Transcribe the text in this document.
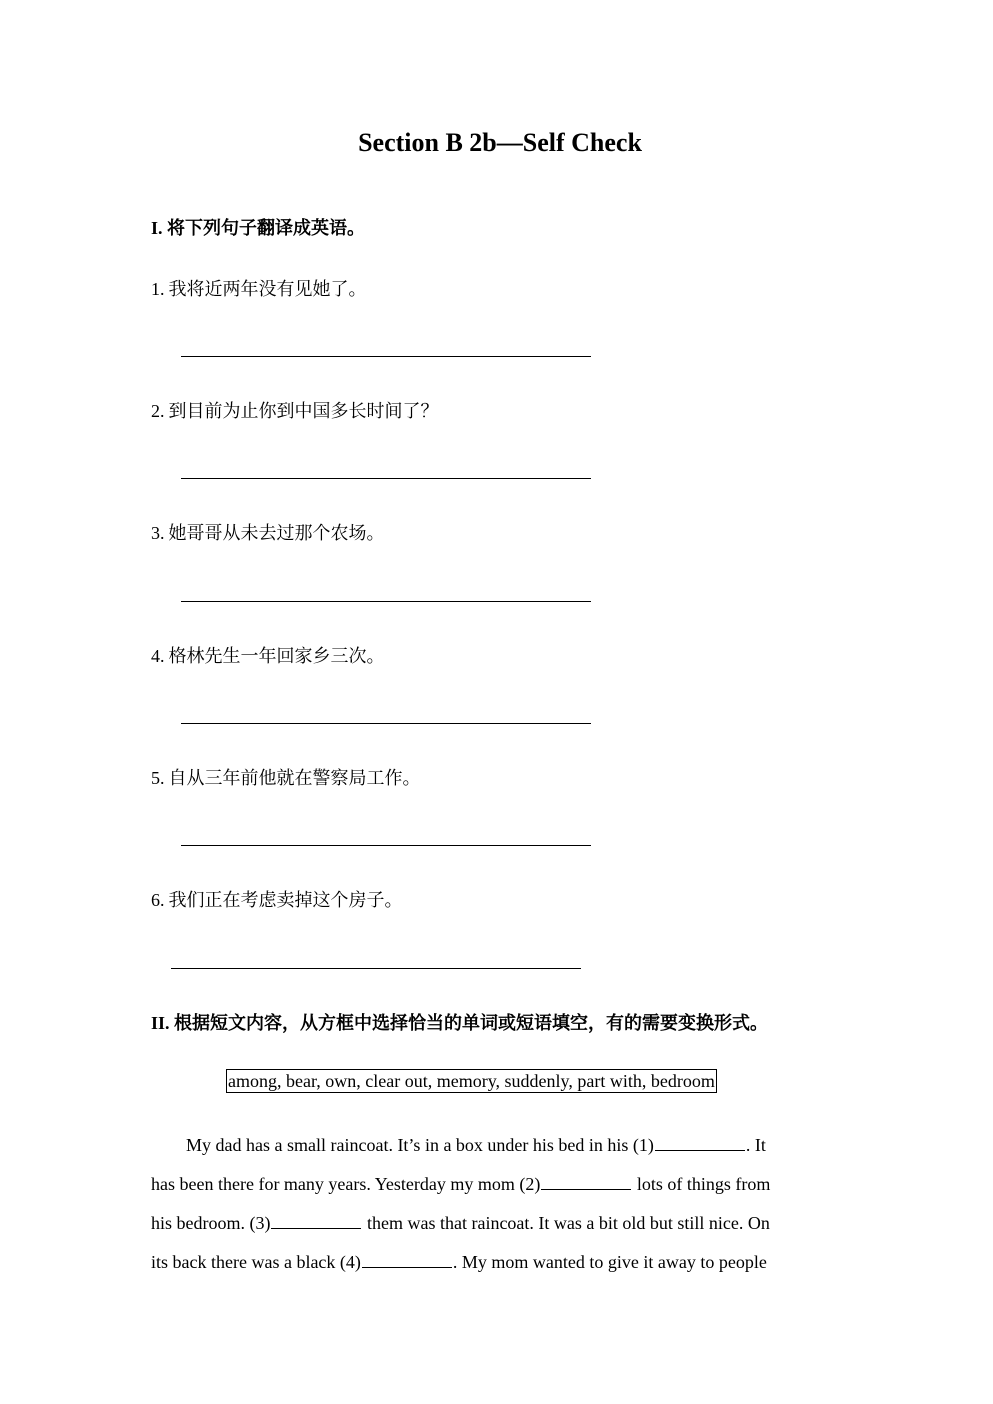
Section B 2b—Self Check
I. 将下列句子翻译成英语。
1. 我将近两年没有见她了。
2. 到目前为止你到中国多长时间了？
3. 她哥哥从未去过那个农场。
4. 格林先生一年回家乡三次。
5. 自从三年前他就在警察局工作。
6. 我们正在考虑卖掉这个房子。
II. 根据短文内容，从方框中选择恰当的单词或短语填空，有的需要变换形式。
among, bear, own, clear out, memory, suddenly, part with, bedroom
My dad has a small raincoat. It’s in a box under his bed in his (1)	. It
has been there for many years. Yesterday my mom (2)	lots of things from
his bedroom. (3)	them was that raincoat. It was a bit old but still nice. On
its back there was a black (4)	. My mom wanted to give it away to people
